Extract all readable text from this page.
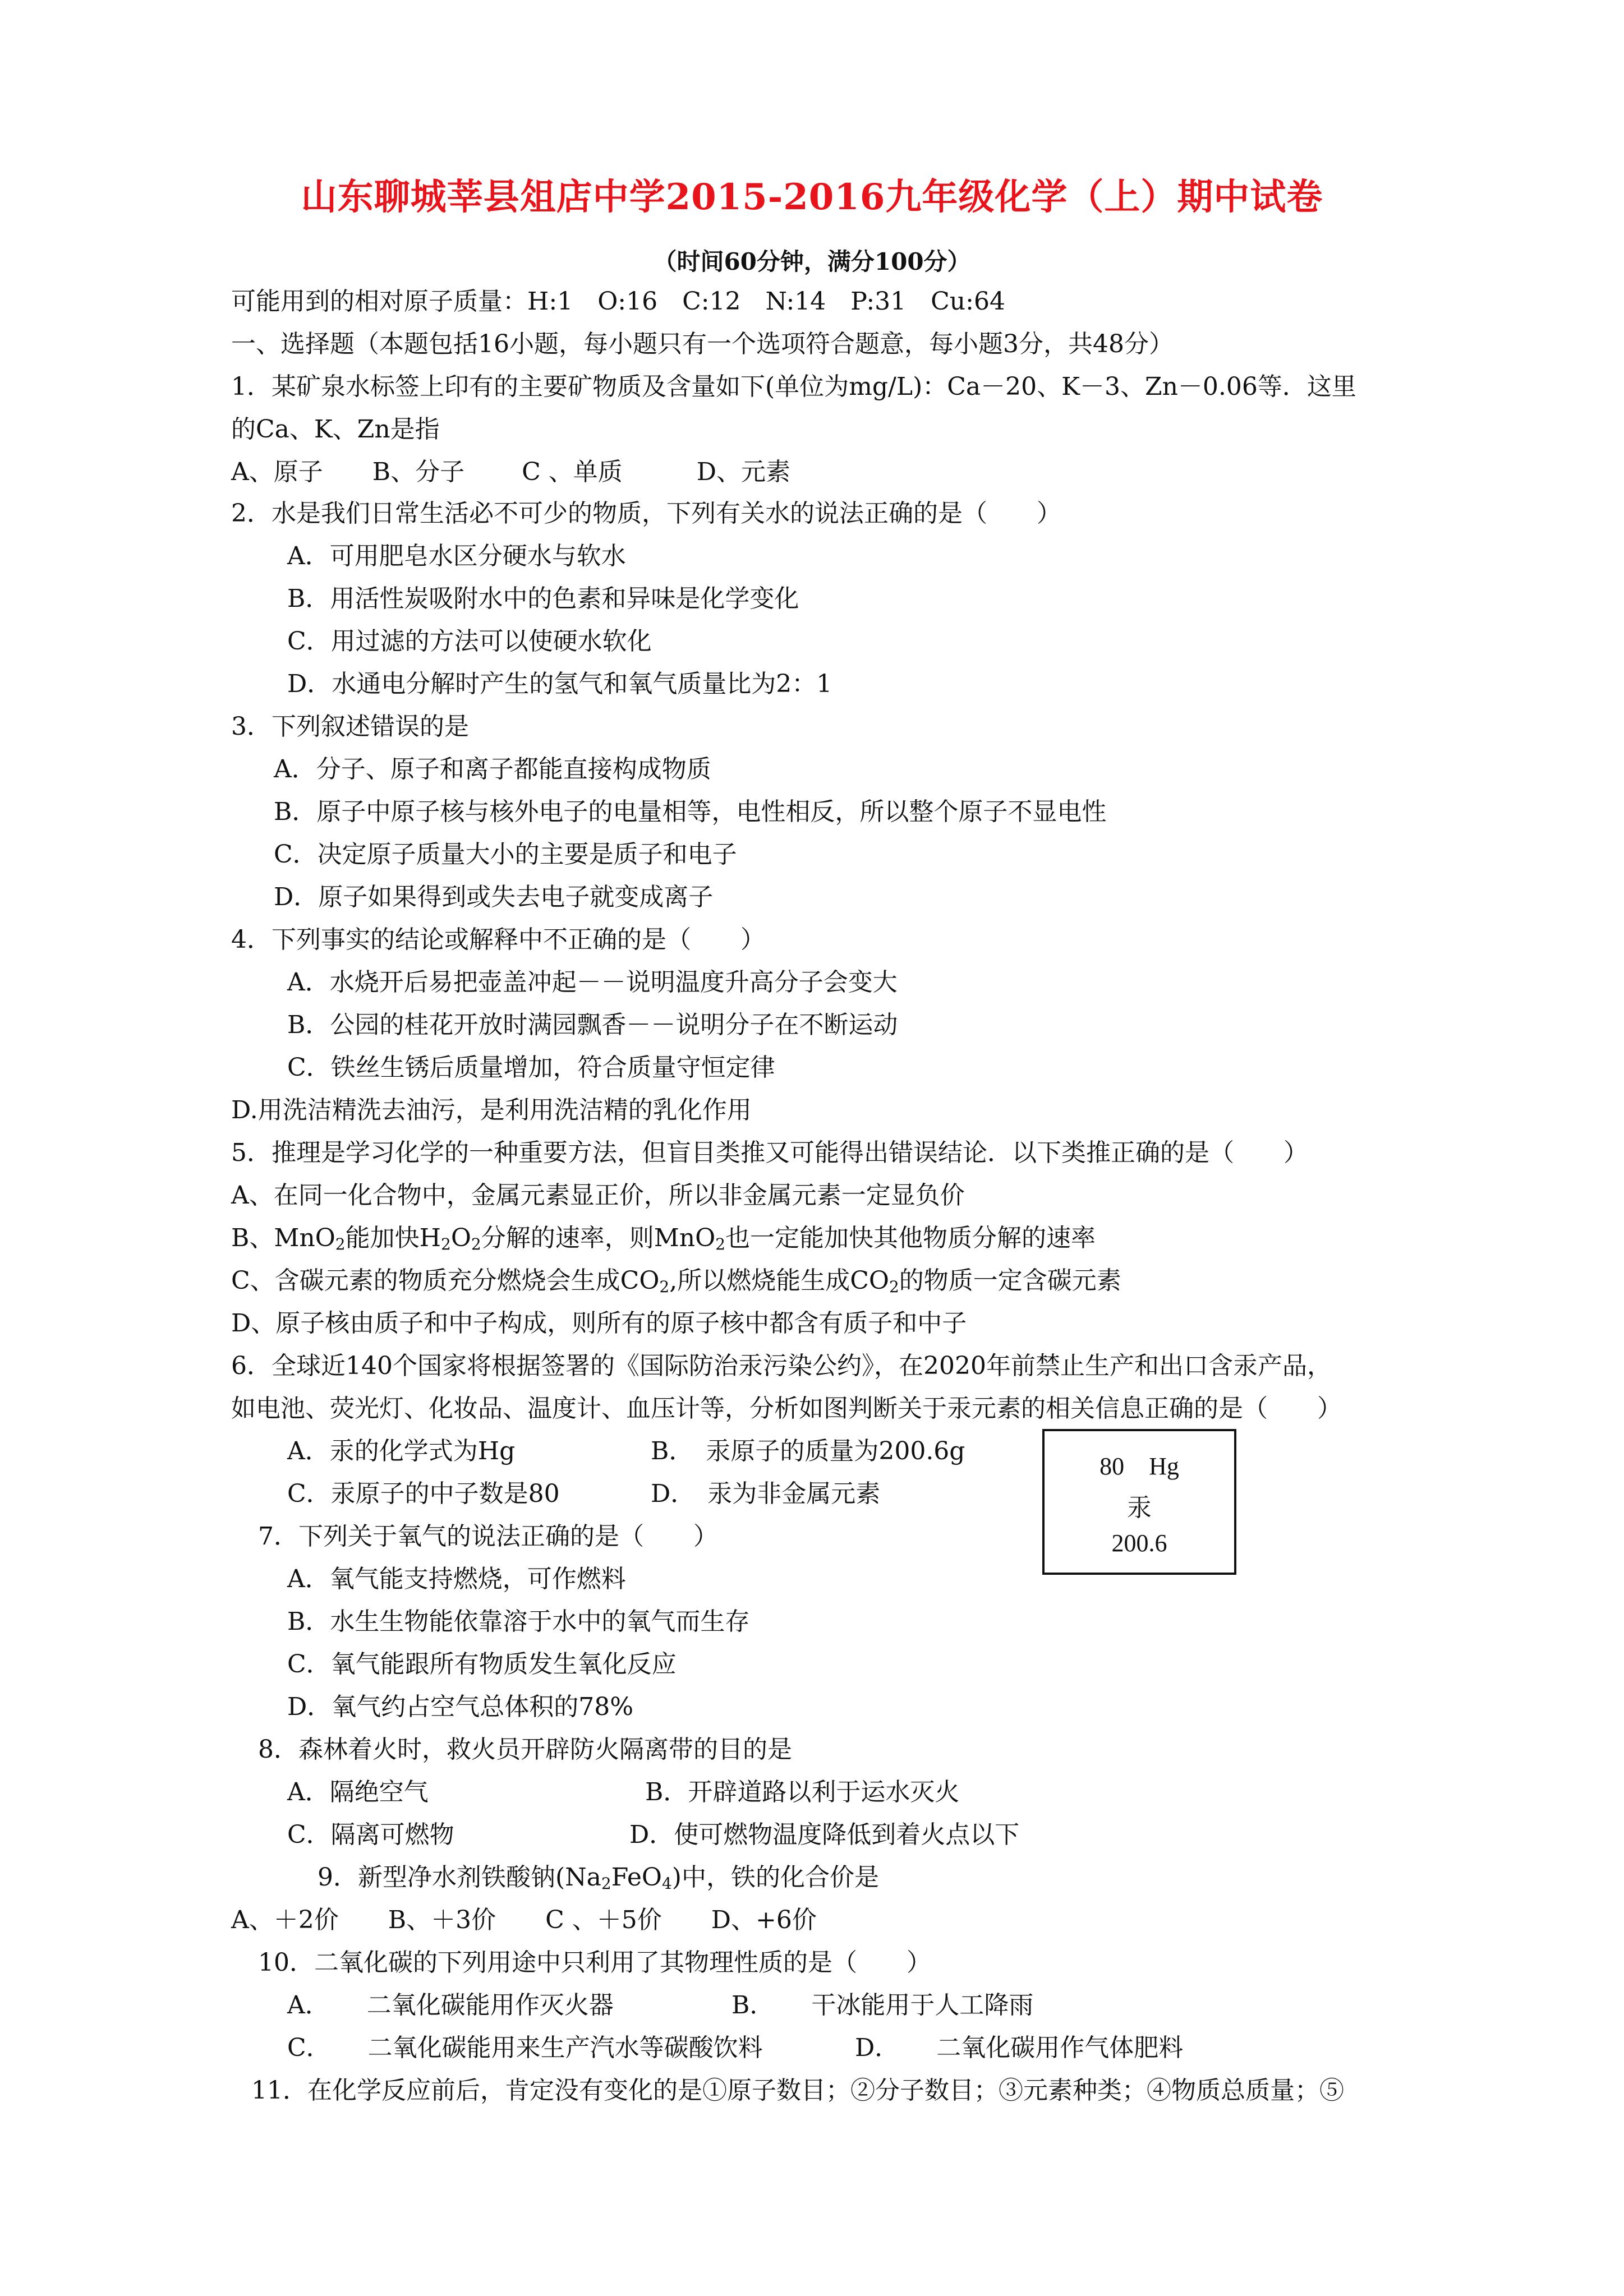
山东聊城莘县俎店中学2015-2016九年级化学（上）期中试卷
（时间60分钟，满分100分）
可能用到的相对原子质量：H:1　O:16　C:12　N:14　P:31　Cu:64
一、选择题（本题包括16小题，每小题只有一个选项符合题意，每小题3分，共48分）
1．某矿泉水标签上印有的主要矿物质及含量如下(单位为mg/L)：Ca－20、K－3、Zn－0.06等．这里
的Ca、K、Zn是指
A、原子　　B、分子　　 C 、单质　　　D、元素
2．水是我们日常生活必不可少的物质，下列有关水的说法正确的是（　　）
A．可用肥皂水区分硬水与软水
B．用活性炭吸附水中的色素和异味是化学变化
C．用过滤的方法可以使硬水软化
D．水通电分解时产生的氢气和氧气质量比为2：1
3．下列叙述错误的是
A．分子、原子和离子都能直接构成物质
B．原子中原子核与核外电子的电量相等，电性相反，所以整个原子不显电性
C．决定原子质量大小的主要是质子和电子
D．原子如果得到或失去电子就变成离子
4．下列事实的结论或解释中不正确的是（　　）
A．水烧开后易把壶盖冲起－－说明温度升高分子会变大
B．公园的桂花开放时满园飘香－－说明分子在不断运动
C．铁丝生锈后质量增加，符合质量守恒定律
D.用洗洁精洗去油污，是利用洗洁精的乳化作用
5．推理是学习化学的一种重要方法，但盲目类推又可能得出错误结论．以下类推正确的是（　　）
A、在同一化合物中，金属元素显正价，所以非金属元素一定显负价
B、MnO$_2$能加快$H_2O_2$分解的速率，则MnO$_2$也一定能加快其他物质分解的速率
C、含碳元素的物质充分燃烧会生成$CO_2$,所以燃烧能生成$CO_2$的物质一定含碳元素
D、原子核由质子和中子构成，则所有的原子核中都含有质子和中子
6．全球近140个国家将根据签署的《国际防治汞污染公约》，在2020年前禁止生产和出口含汞产品，
如电池、荧光灯、化妆品、温度计、血压计等，分析如图判断关于汞元素的相关信息正确的是（　　）
A．汞的化学式为Hg	B．　汞原子的质量为200.6g
C．汞原子的中子数是80	D．　汞为非金属元素
80　Hg
汞
200.6
7．下列关于氧气的说法正确的是（　　）
A．氧气能支持燃烧，可作燃料
B．水生生物能依靠溶于水中的氧气而生存
C．氧气能跟所有物质发生氧化反应
D．氧气约占空气总体积的78%
8．森林着火时，救火员开辟防火隔离带的目的是
A．隔绝空气	B．开辟道路以利于运水灭火
C．隔离可燃物	D．使可燃物温度降低到着火点以下
9．新型净水剂铁酸钠$(Na_2FeO_4)$中，铁的化合价是
A、＋2价　　B、＋3价　　C 、＋5价　　D、+6价
10．二氧化碳的下列用途中只利用了其物理性质的是（　　）
A．　　二氧化碳能用作灭火器	B．　　干冰能用于人工降雨
C．　　二氧化碳能用来生产汽水等碳酸饮料	D．　　二氧化碳用作气体肥料
11．在化学反应前后，肯定没有变化的是①原子数目；②分子数目；③元素种类；④物质总质量；⑤
